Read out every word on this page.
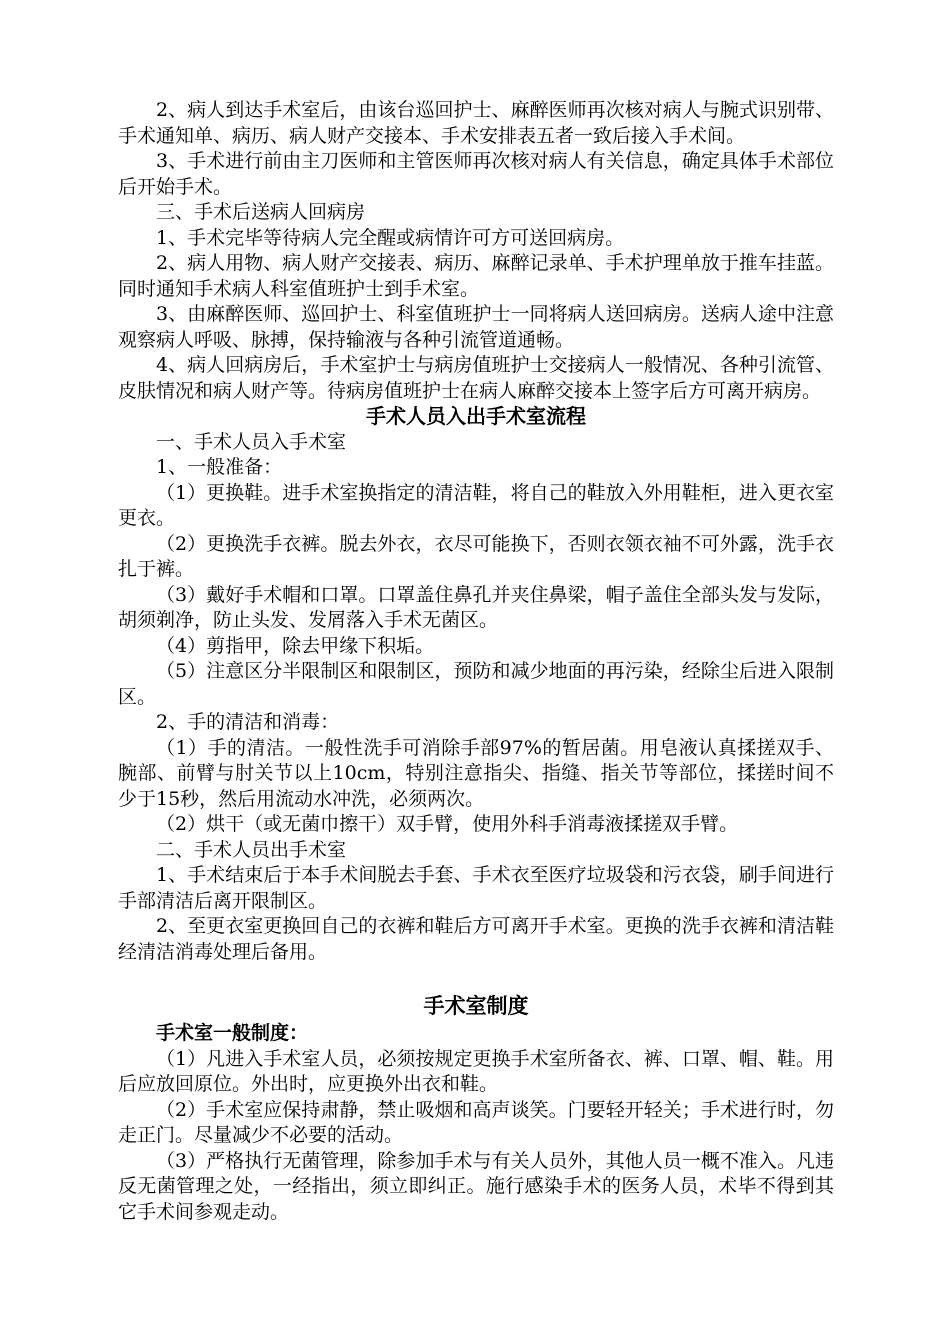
2、病人到达手术室后，由该台巡回护士、麻醉医师再次核对病人与腕式识别带、手术通知单、病历、病人财产交接本、手术安排表五者一致后接入手术间。

3、手术进行前由主刀医师和主管医师再次核对病人有关信息，确定具体手术部位后开始手术。

三、手术后送病人回病房

1、手术完毕等待病人完全醒或病情许可方可送回病房。

2、病人用物、病人财产交接表、病历、麻醉记录单、手术护理单放于推车挂蓝。同时通知手术病人科室值班护士到手术室。

3、由麻醉医师、巡回护士、科室值班护士一同将病人送回病房。送病人途中注意观察病人呼吸、脉搏，保持输液与各种引流管道通畅。

4、病人回病房后，手术室护士与病房值班护士交接病人一般情况、各种引流管、皮肤情况和病人财产等。待病房值班护士在病人麻醉交接本上签字后方可离开病房。

手术人员入出手术室流程

一、手术人员入手术室

1、一般准备：

（1）更换鞋。进手术室换指定的清洁鞋，将自己的鞋放入外用鞋柜，进入更衣室更衣。

（2）更换洗手衣裤。脱去外衣，衣尽可能换下，否则衣领衣袖不可外露，洗手衣扎于裤。

（3）戴好手术帽和口罩。口罩盖住鼻孔并夹住鼻梁，帽子盖住全部头发与发际，胡须剃净，防止头发、发屑落入手术无菌区。

（4）剪指甲，除去甲缘下积垢。

（5）注意区分半限制区和限制区，预防和减少地面的再污染，经除尘后进入限制区。

2、手的清洁和消毒：

（1）手的清洁。一般性洗手可消除手部97%的暂居菌。用皂液认真揉搓双手、腕部、前臂与肘关节以上10cm，特别注意指尖、指缝、指关节等部位，揉搓时间不少于15秒，然后用流动水冲洗，必须两次。

（2）烘干（或无菌巾擦干）双手臂，使用外科手消毒液揉搓双手臂。

二、手术人员出手术室

1、手术结束后于本手术间脱去手套、手术衣至医疗垃圾袋和污衣袋，刷手间进行手部清洁后离开限制区。

2、至更衣室更换回自己的衣裤和鞋后方可离开手术室。更换的洗手衣裤和清洁鞋经清洁消毒处理后备用。

手术室制度

手术室一般制度：

（1）凡进入手术室人员，必须按规定更换手术室所备衣、裤、口罩、帽、鞋。用后应放回原位。外出时，应更换外出衣和鞋。

（2）手术室应保持肃静，禁止吸烟和高声谈笑。门要轻开轻关；手术进行时，勿走正门。尽量减少不必要的活动。

（3）严格执行无菌管理，除参加手术与有关人员外，其他人员一概不准入。凡违反无菌管理之处，一经指出，须立即纠正。施行感染手术的医务人员，术毕不得到其它手术间参观走动。
